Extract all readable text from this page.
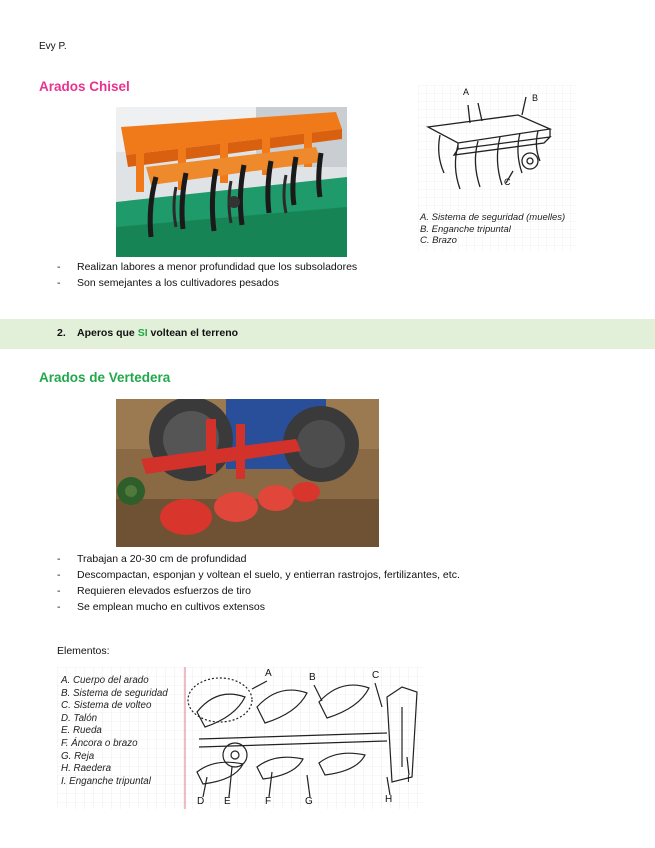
Evy P.
Arados Chisel	A
B
C
A. Sistema de seguridad (muelles)
B. Enganche tripuntal
C. Brazo
-	Realizan labores a menor profundidad que los subsoladores
-	Son semejantes a los cultivadores pesados
2. Aperos que SI voltean el terreno
Arados de Vertedera
-	Trabajan a 20-30 cm de profundidad
-	Descompactan, esponjan y voltean el suelo, y entierran rastrojos, fertilizantes, etc.
-	Requieren elevados esfuerzos de tiro
-	Se emplean mucho en cultivos extensos
Elementos:
A. Cuerpo del arado
B. Sistema de seguridad
C. Sistema de volteo
D. Talón
E. Rueda
F. Áncora o brazo
G. Reja
H. Raedera
I. Enganche tripuntal
A	B	C
D E	F	G	H
I
